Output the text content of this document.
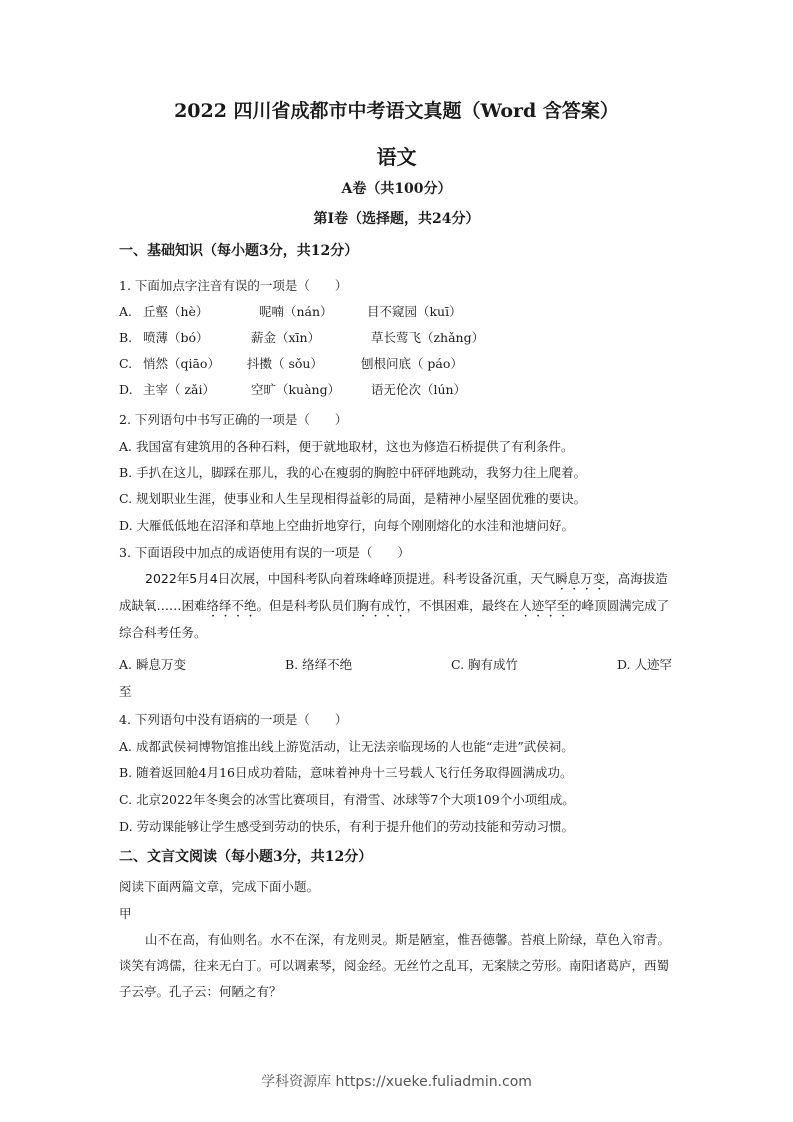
2022 四川省成都市中考语文真题（Word 含答案）
语文
A卷（共100分）
第Ⅰ卷（选择题，共24分）
一、基础知识（每小题3分，共12分）
1. 下面加点字注音有误的一项是（　　）
A. 丘壑（hè）	呢喃（nán）	目不窥园（kuī）
B. 喷薄（bó）	薪金（xīn）	草长莺飞（zhǎng）
C. 悄然（qiāo） 抖擞（ sǒu）	刨根问底（ páo）
D. 主宰（ zǎi）	空旷（kuàng） 语无伦次（lún）
2. 下列语句中书写正确的一项是（　　）
A. 我国富有建筑用的各种石料，便于就地取材，这也为修造石桥提供了有利条件。
B. 手扒在这儿，脚踩在那儿，我的心在瘦弱的胸腔中砰砰地跳动，我努力往上爬着。
C. 规划职业生涯，使事业和人生呈现相得益彰的局面，是精神小屋坚固优雅的要诀。
D. 大雁低低地在沼泽和草地上空曲折地穿行，向每个刚刚熔化的水洼和池塘问好。
3. 下面语段中加点的成语使用有误的一项是（　　）
2022年5月4日次展，中国科考队向着珠峰峰顶提进。科考设备沉重，天气瞬息万变，高海拔造成缺氧……困难络绎不绝。但是科考队员们胸有成竹，不惧困难，最终在人迹罕至的峰顶圆满完成了综合科考任务。
A. 瞬息万变	B. 络绎不绝	C. 胸有成竹	D. 人迹罕
至
4. 下列语句中没有语病的一项是（　　）
A. 成都武侯祠博物馆推出线上游览活动，让无法亲临现场的人也能“走进”武侯祠。
B. 随着返回舱4月16日成功着陆，意味着神舟十三号载人飞行任务取得圆满成功。
C. 北京2022年冬奥会的冰雪比赛项目，有滑雪、冰球等7个大项109个小项组成。
D. 劳动课能够让学生感受到劳动的快乐，有利于提升他们的劳动技能和劳动习惯。
二、文言文阅读（每小题3分，共12分）
阅读下面两篇文章，完成下面小题。
甲
山不在高，有仙则名。水不在深，有龙则灵。斯是陋室，惟吾德馨。苔痕上阶绿，草色入帘青。谈笑有鸿儒，往来无白丁。可以调素琴，阅金经。无丝竹之乱耳，无案牍之劳形。南阳诸葛庐，西蜀子云亭。孔子云：何陋之有？
学科资源库 https://xueke.fuliadmin.com
